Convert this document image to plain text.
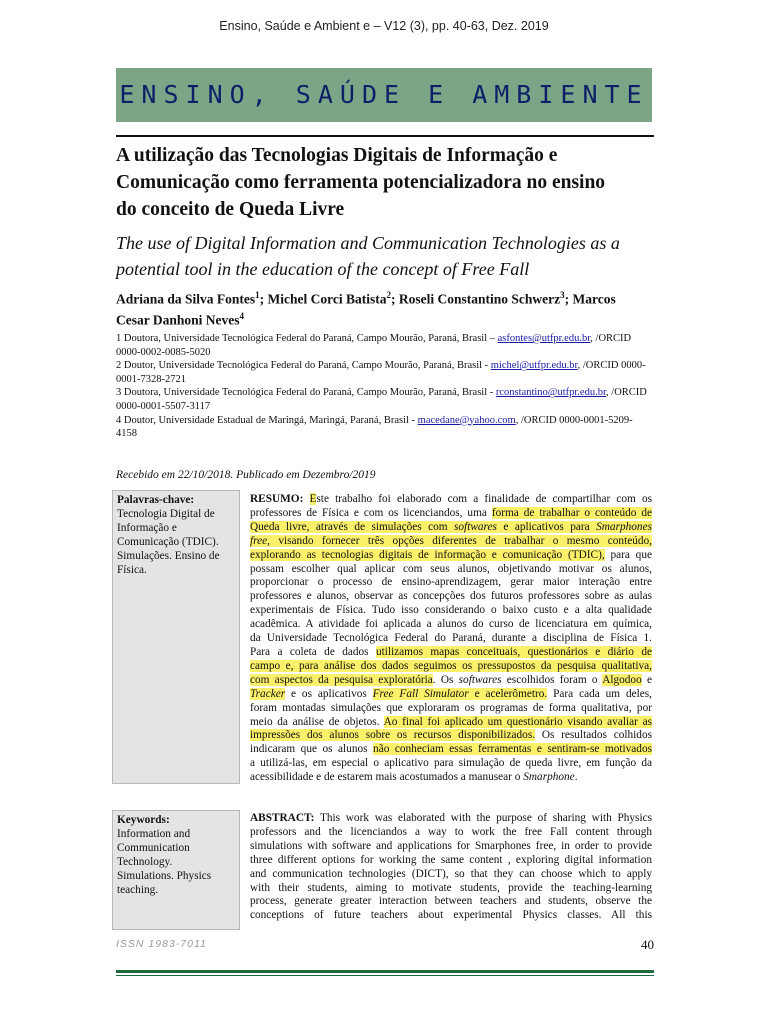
Ensino, Saúde e Ambient e – V12 (3), pp. 40-63, Dez. 2019
ENSINO, SAÚDE E AMBIENTE
A utilização das Tecnologias Digitais de Informação e
Comunicação como ferramenta potencializadora no ensino
do conceito de Queda Livre
The use of Digital Information and Communication Technologies as a
potential tool in the education of the concept of Free Fall
Adriana da Silva Fontes$^1$; Michel Corci Batista$^2$; Roseli Constantino Schwerz$^3$; Marcos
Cesar Danhoni Neves$^4$

1 Doutora, Universidade Tecnológica Federal do Paraná, Campo Mourão, Paraná, Brasil – asfontes@utfpr.edu.br, /ORCID 0000-0002-0085-5020

2 Doutor, Universidade Tecnológica Federal do Paraná, Campo Mourão, Paraná, Brasil - michel@utfpr.edu.br, /ORCID 0000-0001-7328-2721

3 Doutora, Universidade Tecnológica Federal do Paraná, Campo Mourão, Paraná, Brasil - rconstantino@utfpr.edu.br, /ORCID 0000-0001-5507-3117

4 Doutor, Universidade Estadual de Maringá, Maringá, Paraná, Brasil - macedane@yahoo.com, /ORCID 0000-0001-5209-4158

Recebido em 22/10/2018. Publicado em Dezembro/2019
Palavras-chave:
Tecnologia Digital de
Informação e
Comunicação (TDIC).
Simulações. Ensino de
Física.
RESUMO: Este trabalho foi elaborado com a finalidade de compartilhar com os
professores de Física e com os licenciandos, uma forma de trabalhar o conteúdo de
Queda livre, através de simulações com softwares e aplicativos para Smarphones
free, visando fornecer três opções diferentes de trabalhar o mesmo conteúdo,
explorando as tecnologias digitais de informação e comunicação (TDIC), para que
possam escolher qual aplicar com seus alunos, objetivando motivar os alunos,
proporcionar o processo de ensino-aprendizagem, gerar maior interação entre
professores e alunos, observar as concepções dos futuros professores sobre as aulas
experimentais de Física. Tudo isso considerando o baixo custo e a alta qualidade
acadêmica. A atividade foi aplicada a alunos do curso de licenciatura em química,
da Universidade Tecnológica Federal do Paraná, durante a disciplina de Física 1.
Para a coleta de dados utilizamos mapas conceituais, questionários e diário de
campo e, para análise dos dados seguimos os pressupostos da pesquisa qualitativa,
com aspectos da pesquisa exploratória. Os softwares escolhidos foram o Algodoo e
Tracker e os aplicativos Free Fall Simulator e acelerômetro. Para cada um deles,
foram montadas simulações que exploraram os programas de forma qualitativa, por
meio da análise de objetos. Ao final foi aplicado um questionário visando avaliar as
impressões dos alunos sobre os recursos disponibilizados. Os resultados colhidos
indicaram que os alunos não conheciam essas ferramentas e sentiram-se motivados
a utilizá-las, em especial o aplicativo para simulação de queda livre, em função da
acessibilidade e de estarem mais acostumados a manusear o Smarphone.
Keywords:
Information and
Communication
Technology.
Simulations. Physics
teaching.
ABSTRACT: This work was elaborated with the purpose of sharing with Physics
professors and the licenciandos a way to work the free Fall content through
simulations with software and applications for Smarphones free, in order to provide
three different options for working the same content , exploring digital information
and communication technologies (DICT), so that they can choose which to apply
with their students, aiming to motivate students, provide the teaching-learning
process, generate greater interaction between teachers and students, observe the
conceptions of future teachers about experimental Physics classes. All this
ISSN 1983-7011	40
